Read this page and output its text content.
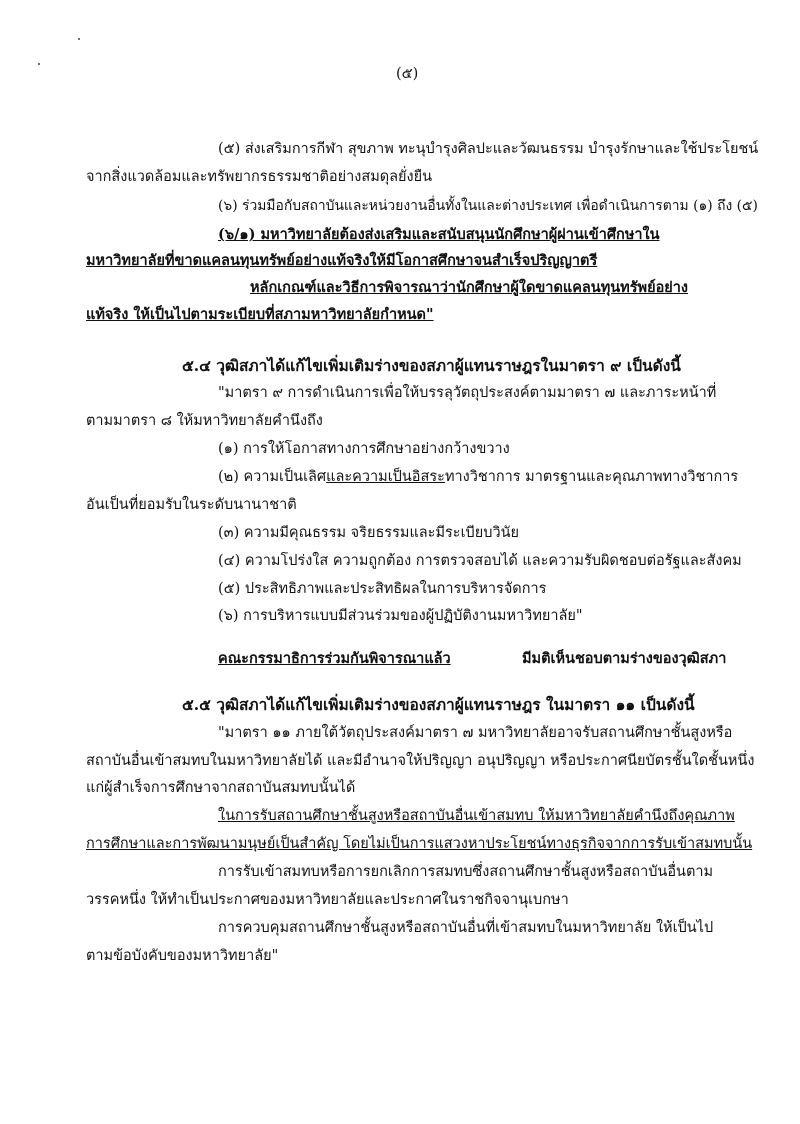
(๕)
(๕) ส่งเสริมการกีฬา สุขภาพ ทะนุบำรุงศิลปะและวัฒนธรรม บำรุงรักษาและใช้ประโยชน์
จากสิ่งแวดล้อมและทรัพยากรธรรมชาติอย่างสมดุลยั่งยืน
(๖) ร่วมมือกับสถาบันและหน่วยงานอื่นทั้งในและต่างประเทศ เพื่อดำเนินการตาม (๑) ถึง (๕)
(๖/๑) มหาวิทยาลัยต้องส่งเสริมและสนับสนุนนักศึกษาผู้ผ่านเข้าศึกษาใน
มหาวิทยาลัยที่ขาดแคลนทุนทรัพย์อย่างแท้จริงให้มีโอกาสศึกษาจนสำเร็จปริญญาตรี
หลักเกณฑ์และวิธีการพิจารณาว่านักศึกษาผู้ใดขาดแคลนทุนทรัพย์อย่าง
แท้จริง ให้เป็นไปตามระเบียบที่สภามหาวิทยาลัยกำหนด"
๕.๔ วุฒิสภาได้แก้ไขเพิ่มเติมร่างของสภาผู้แทนราษฎรในมาตรา ๙ เป็นดังนี้
"มาตรา ๙ การดำเนินการเพื่อให้บรรลุวัตถุประสงค์ตามมาตรา ๗ และภาระหน้าที่
ตามมาตรา ๘ ให้มหาวิทยาลัยคำนึงถึง
(๑) การให้โอกาสทางการศึกษาอย่างกว้างขวาง
(๒) ความเป็นเลิศและความเป็นอิสระทางวิชาการ มาตรฐานและคุณภาพทางวิชาการ
อันเป็นที่ยอมรับในระดับนานาชาติ
(๓) ความมีคุณธรรม จริยธรรมและมีระเบียบวินัย
(๔) ความโปร่งใส ความถูกต้อง การตรวจสอบได้ และความรับผิดชอบต่อรัฐและสังคม
(๕) ประสิทธิภาพและประสิทธิผลในการบริหารจัดการ
(๖) การบริหารแบบมีส่วนร่วมของผู้ปฏิบัติงานมหาวิทยาลัย"
คณะกรรมาธิการร่วมกันพิจารณาแล้ว	มีมติเห็นชอบตามร่างของวุฒิสภา
๕.๕ วุฒิสภาได้แก้ไขเพิ่มเติมร่างของสภาผู้แทนราษฎร ในมาตรา ๑๑ เป็นดังนี้
"มาตรา ๑๑ ภายใต้วัตถุประสงค์มาตรา ๗ มหาวิทยาลัยอาจรับสถานศึกษาชั้นสูงหรือ
สถาบันอื่นเข้าสมทบในมหาวิทยาลัยได้ และมีอำนาจให้ปริญญา อนุปริญญา หรือประกาศนียบัตรชั้นใดชั้นหนึ่ง
แก่ผู้สำเร็จการศึกษาจากสถาบันสมทบนั้นได้
ในการรับสถานศึกษาชั้นสูงหรือสถาบันอื่นเข้าสมทบ ให้มหาวิทยาลัยคำนึงถึงคุณภาพ
การศึกษาและการพัฒนามนุษย์เป็นสำคัญ โดยไม่เป็นการแสวงหาประโยชน์ทางธุรกิจจากการรับเข้าสมทบนั้น
การรับเข้าสมทบหรือการยกเลิกการสมทบซึ่งสถานศึกษาชั้นสูงหรือสถาบันอื่นตาม
วรรคหนึ่ง ให้ทำเป็นประกาศของมหาวิทยาลัยและประกาศในราชกิจจานุเบกษา
การควบคุมสถานศึกษาชั้นสูงหรือสถาบันอื่นที่เข้าสมทบในมหาวิทยาลัย ให้เป็นไป
ตามข้อบังคับของมหาวิทยาลัย"
